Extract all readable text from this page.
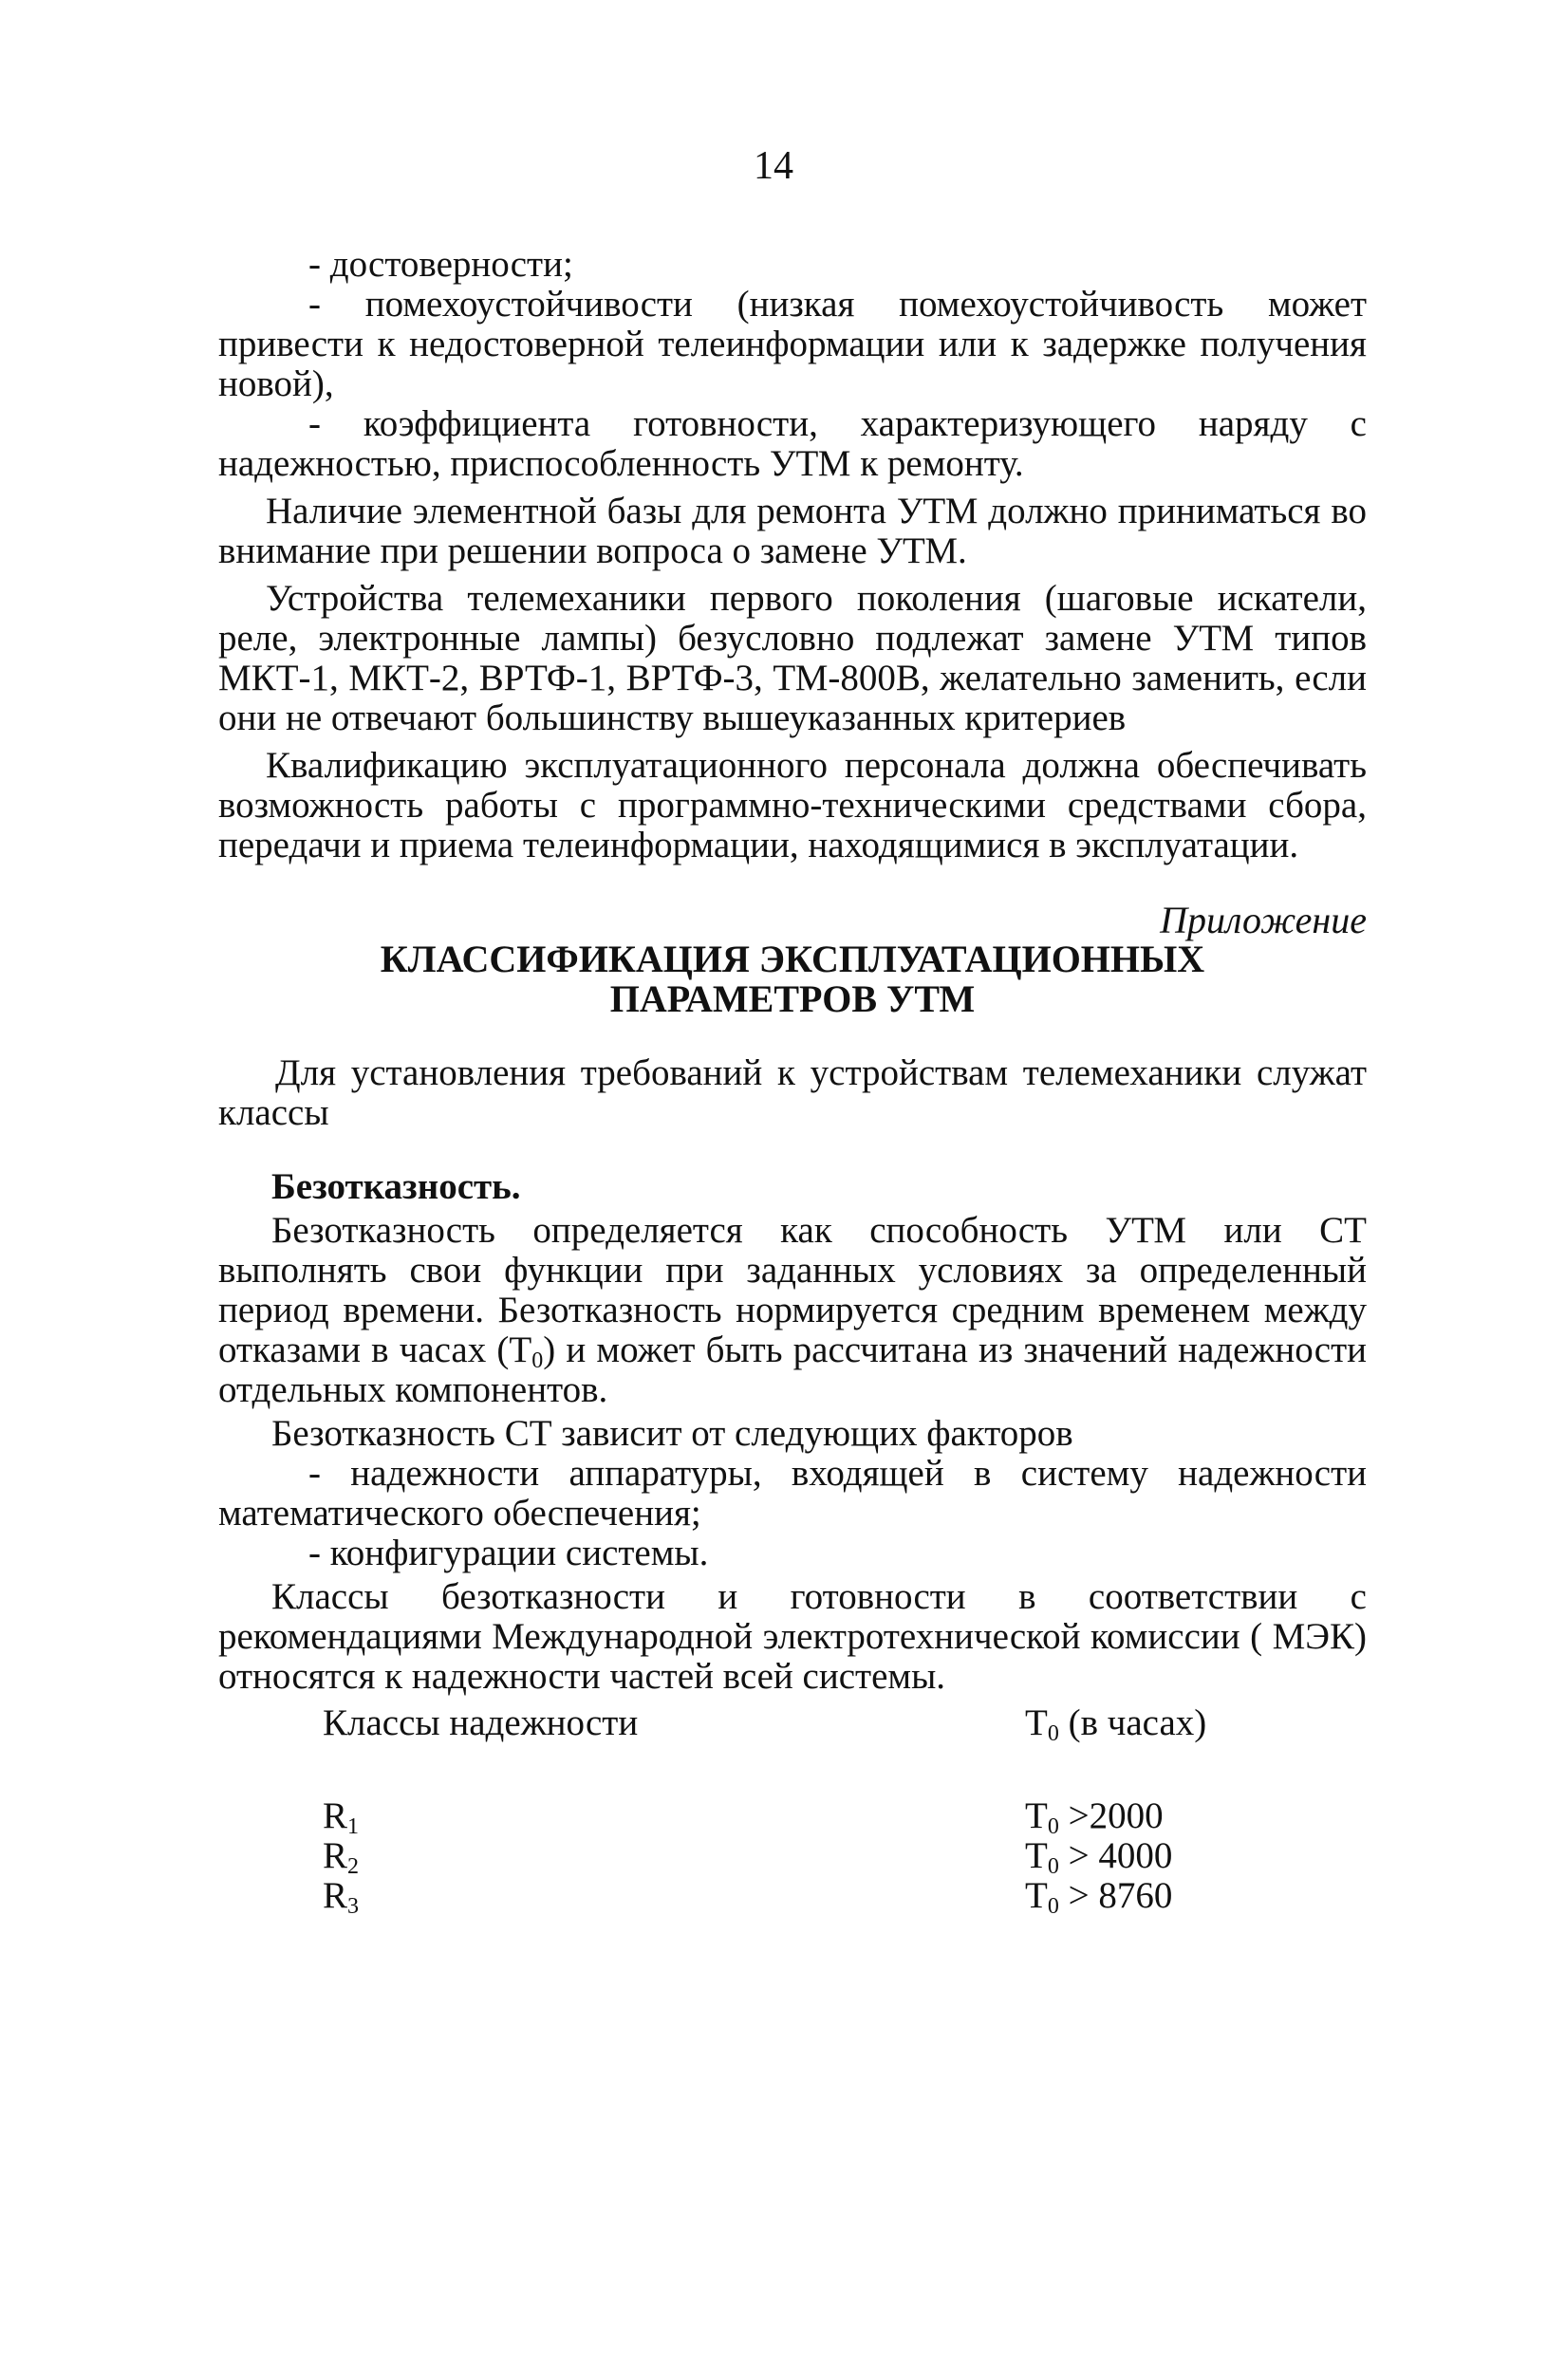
14

- достоверности;

- помехоустойчивости (низкая помехоустойчивость может привести к недостоверной телеинформации или к задержке получения новой),

- коэффициента готовности, характеризующего наряду с надежностью, приспособленность УТМ к ремонту.

Наличие элементной базы для ремонта УТМ должно приниматься во внимание при решении вопроса о замене УТМ.

Устройства телемеханики первого поколения (шаговые искатели, реле, электронные лампы) безусловно подлежат замене УТМ типов МКТ-1, МКТ-2, ВРТФ-1, ВРТФ-3, ТМ-800В, желательно заменить, если они не отвечают большинству вышеуказанных критериев

Квалификацию эксплуатационного персонала должна обеспечивать возможность работы с программно-техническими средствами сбора, передачи и приема телеинформации, находящимися в эксплуатации.

Приложение
КЛАССИФИКАЦИЯ ЭКСПЛУАТАЦИОННЫХ
ПАРАМЕТРОВ УТМ

Для установления требований к устройствам телемеханики служат классы

Безотказность.

Безотказность определяется как способность УТМ или СТ выполнять свои функции при заданных условиях за определенный период времени. Безотказность нормируется средним временем между отказами в часах $(Т_0)$ и может быть рассчитана из значений надежности отдельных компонентов.

Безотказность СТ зависит от следующих факторов

- надежности аппаратуры, входящей в систему надежности математического обеспечения;

- конфигурации системы.

Классы безотказности и готовности в соответствии с рекомендациями Международной электротехнической комиссии ( МЭК) относятся к надежности частей всей системы.

Классы надежности	$Т_0$ (в часах)
$R_1$	$Т_0 >2000$
$R_2$	$Т_0 > 4000$
$R_3$	$Т_0 > 8760$
